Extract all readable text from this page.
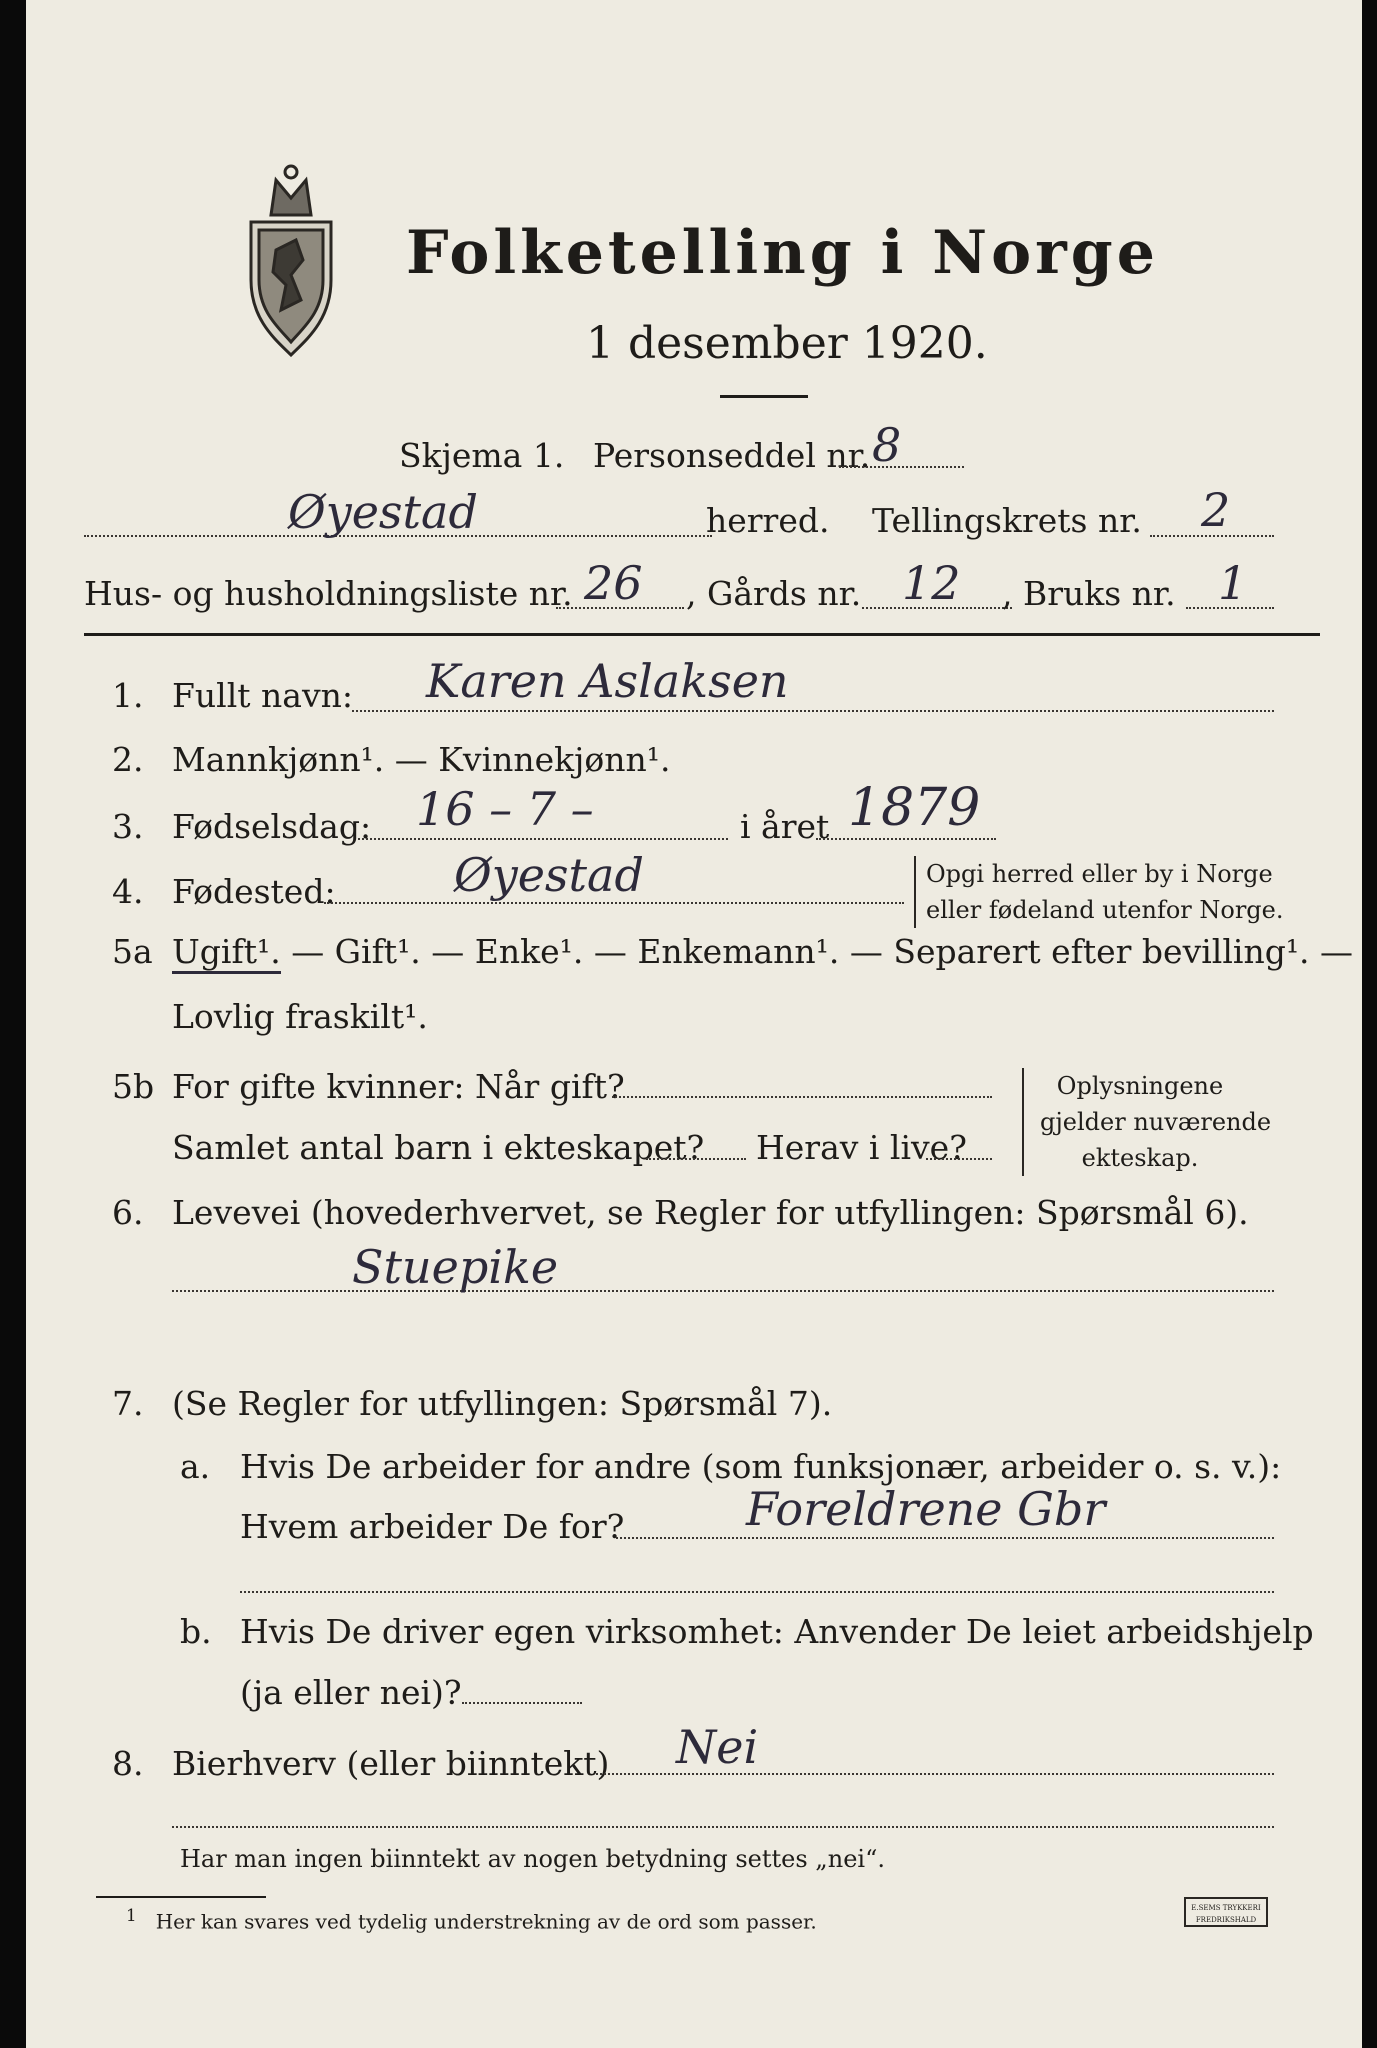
Folketelling i Norge
1 desember 1920.
Skjema 1. Personseddel nr. 8
Øyestad	herred. Tellingskrets nr. 2
Hus- og husholdningsliste nr. 26 , Gårds nr. 12 , Bruks nr. 1
1. Fullt navn: Karen Aslaksen
2. Mannkjønn¹. — Kvinnekjønn¹.
3. Fødselsdag: 16 – 7 –	i året 1879
4. Fødested:	Øyestad	Opgi herred eller by i Norge
eller fødeland utenfor Norge.
5a Ugift¹. — Gift¹. — Enke¹. — Enkemann¹. — Separert efter bevilling¹. —
Lovlig fraskilt¹.
5b For gifte kvinner: Når gift?
Samlet antal barn i ekteskapet? Herav i live?
Oplysningene
gjelder nuværende
ekteskap.
6. Levevei (hovederhvervet, se Regler for utfyllingen: Spørsmål 6).
Stuepike
7. (Se Regler for utfyllingen: Spørsmål 7).
a. Hvis De arbeider for andre (som funksjonær, arbeider o. s. v.):
Hvem arbeider De for?	Foreldrene Gbr
b. Hvis De driver egen virksomhet: Anvender De leiet arbeidshjelp
(ja eller nei)?
8. Bierhverv (eller biinntekt) Nei
Har man ingen biinntekt av nogen betydning settes „nei“.
$^1$ Her kan svares ved tydelig understrekning av de ord som passer.
E.SEMS TRYKKERI
FREDRIKSHALD
